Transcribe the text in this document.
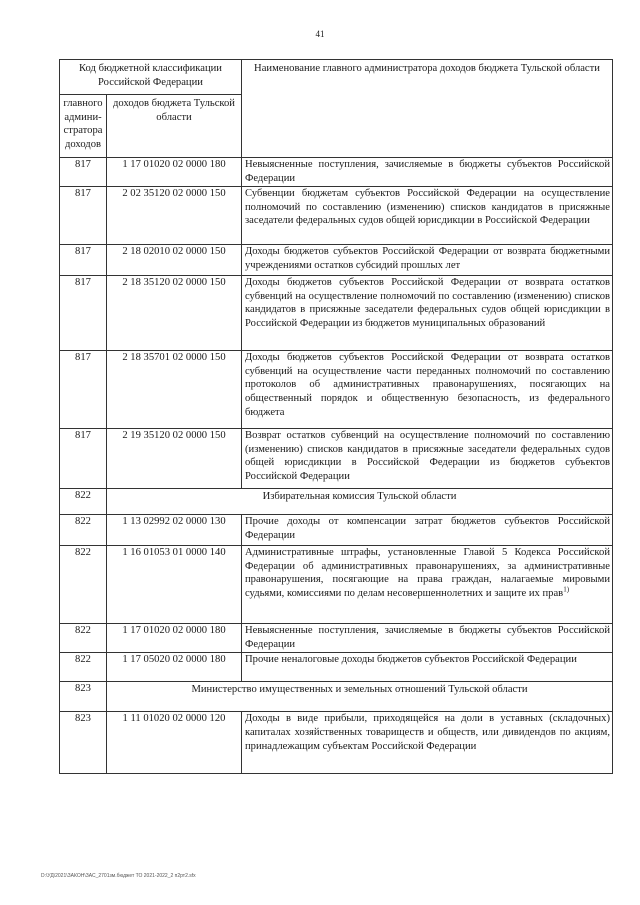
41
Код бюджетной классификации Российской Федерации		Наименование главного администратора доходов бюджета Тульской области
главного админи-стратора доходов	доходов бюджета Тульской области	
817	1 17 01020 02 0000 180	Невыясненные поступления, зачисляемые в бюджеты субъектов Российской Федерации
817	2 02 35120 02 0000 150	Субвенции бюджетам субъектов Российской Федерации на осуществление полномочий по составлению (изменению) списков кандидатов в присяжные заседатели федеральных судов общей юрисдикции в Российской Федерации
817	2 18 02010 02 0000 150	Доходы бюджетов субъектов Российской Федерации от возврата бюджетными учреждениями остатков субсидий прошлых лет
817	2 18 35120 02 0000 150	Доходы бюджетов субъектов Российской Федерации от возврата остатков субвенций на осуществление полномочий по составлению (изменению) списков кандидатов в присяжные заседатели федеральных судов общей юрисдикции в Российской Федерации из бюджетов муниципальных образований
817	2 18 35701 02 0000 150	Доходы бюджетов субъектов Российской Федерации от возврата остатков субвенций на осуществление части переданных полномочий по составлению протоколов об административных правонарушениях, посягающих на общественный порядок и общественную безопасность, из федерального бюджета
817	2 19 35120 02 0000 150	Возврат остатков субвенций на осуществление полномочий по составлению (изменению) списков кандидатов в присяжные заседатели федеральных судов общей юрисдикции в Российской Федерации из бюджетов субъектов Российской Федерации
822	Избирательная комиссия Тульской области	
822	1 13 02992 02 0000 130	Прочие доходы от компенсации затрат бюджетов субъектов Российской Федерации
822	1 16 01053 01 0000 140	Административные штрафы, установленные Главой 5 Кодекса Российской Федерации об административных правонарушениях, за административные правонарушения, посягающие на права граждан, налагаемые мировыми судьями, комиссиями по делам несовершеннолетних и защите их прав$^{1)}$
822	1 17 01020 02 0000 180	Невыясненные поступления, зачисляемые в бюджеты субъектов Российской Федерации
822	1 17 05020 02 0000 180	Прочие неналоговые доходы бюджетов субъектов Российской Федерации
823	Министерство имущественных и земельных отношений Тульской области	
823	1 11 01020 02 0000 120	Доходы в виде прибыли, приходящейся на доли в уставных (складочных) капиталах хозяйственных товариществ и обществ, или дивидендов по акциям, принадлежащим субъектам Российской Федерации
D:\УД\2021\ЗАКОН\ЗАС_2701зм.бюджет ТО 2021-2022_2 п2рт2.sfx
